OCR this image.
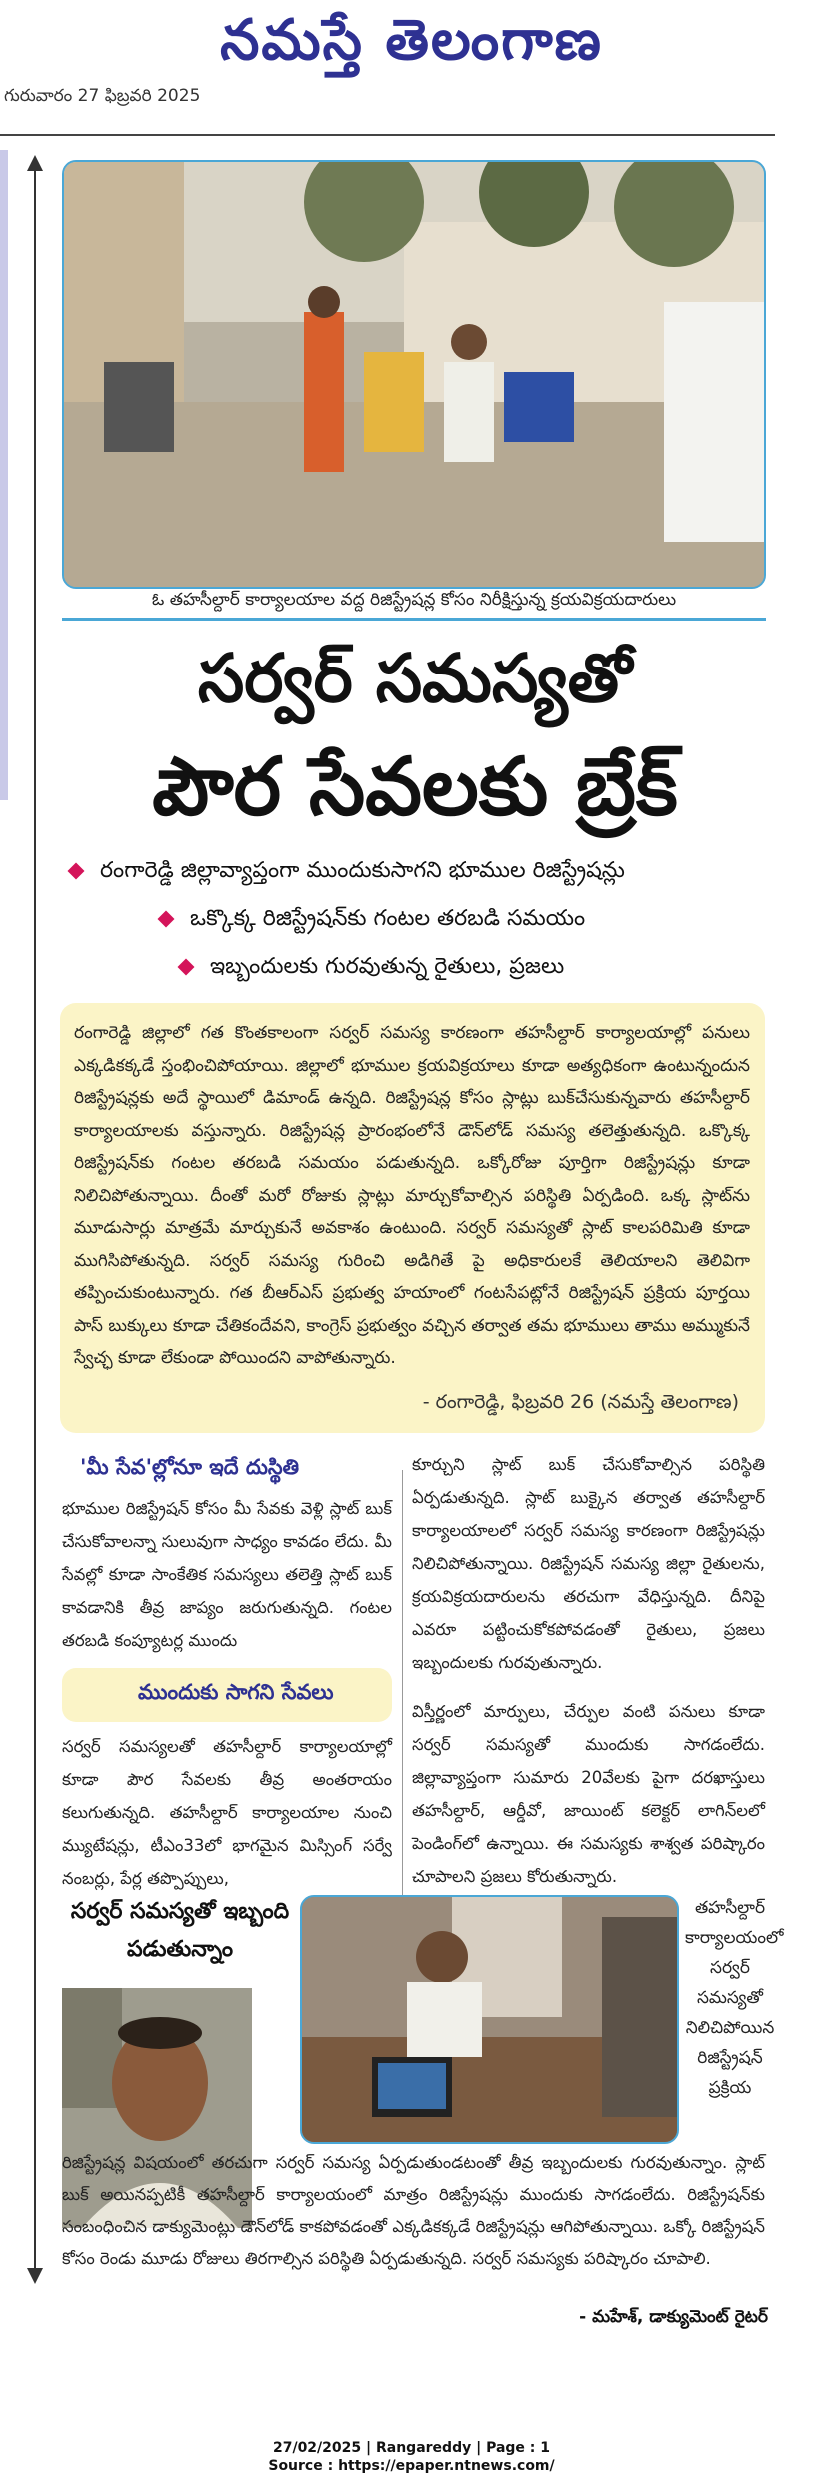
నమస్తే తెలంగాణ
గురువారం 27 ఫిబ్రవరి 2025
ఓ తహసీల్దార్ కార్యాలయాల వద్ద రిజిస్ట్రేషన్ల కోసం నిరీక్షిస్తున్న క్రయవిక్రయదారులు
సర్వర్ సమస్యతో
పౌర సేవలకు బ్రేక్
రంగారెడ్డి జిల్లావ్యాప్తంగా ముందుకుసాగని భూముల రిజిస్ట్రేషన్లు
ఒక్కొక్క రిజిస్ట్రేషన్‌కు గంటల తరబడి సమయం
ఇబ్బందులకు గురవుతున్న రైతులు, ప్రజలు

రంగారెడ్డి జిల్లాలో గత కొంతకాలంగా సర్వర్ సమస్య కారణంగా తహసీల్దార్ కార్యాలయాల్లో పనులు ఎక్కడికక్కడే స్తంభించిపోయాయి. జిల్లాలో భూముల క్రయవిక్రయాలు కూడా అత్యధికంగా ఉంటున్నందున రిజిస్ట్రేషన్లకు అదే స్థాయిలో డిమాండ్ ఉన్నది. రిజిస్ట్రేషన్ల కోసం స్లాట్లు బుక్‌చేసుకున్నవారు తహసీల్దార్ కార్యాలయాలకు వస్తున్నారు. రిజిస్ట్రేషన్ల ప్రారంభంలోనే డౌన్‌లోడ్ సమస్య తలెత్తుతున్నది. ఒక్కొక్క రిజిస్ట్రేషన్‌కు గంటల తరబడి సమయం పడుతున్నది. ఒక్కోరోజు పూర్తిగా రిజిస్ట్రేషన్లు కూడా నిలిచిపోతున్నాయి. దీంతో మరో రోజుకు స్లాట్లు మార్చుకోవాల్సిన పరిస్థితి ఏర్పడింది. ఒక్క స్లాట్‌ను మూడుసార్లు మాత్రమే మార్చుకునే అవకాశం ఉంటుంది. సర్వర్ సమస్యతో స్లాట్ కాలపరిమితి కూడా ముగిసిపోతున్నది. సర్వర్ సమస్య గురించి అడిగితే పై అధికారులకే తెలియాలని తెలివిగా తప్పించుకుంటున్నారు. గత బీఆర్‌ఎస్ ప్రభుత్వ హయాంలో గంటసేపట్లోనే రిజిస్ట్రేషన్ ప్రక్రియ పూర్తయి పాస్ బుక్కులు కూడా చేతికందేవని, కాంగ్రెస్ ప్రభుత్వం వచ్చిన తర్వాత తమ భూములు తాము అమ్ముకునే స్వేచ్ఛ కూడా లేకుండా పోయిందని వాపోతున్నారు.

- రంగారెడ్డి, ఫిబ్రవరి 26 (నమస్తే తెలంగాణ)
'మీ సేవ'ల్లోనూ ఇదే దుస్థితి

భూముల రిజిస్ట్రేషన్ కోసం మీ సేవకు వెళ్లి స్లాట్ బుక్ చేసుకోవాలన్నా సులువుగా సాధ్యం కావడం లేదు. మీ సేవల్లో కూడా సాంకేతిక సమస్యలు తలెత్తి స్లాట్ బుక్ కావడానికి తీవ్ర జాప్యం జరుగుతున్నది. గంటల తరబడి కంప్యూటర్ల ముందు

కూర్చుని స్లాట్ బుక్ చేసుకోవాల్సిన పరిస్థితి ఏర్పడుతున్నది. స్లాట్ బుక్కైన తర్వాత తహసీల్దార్ కార్యాలయాలలో సర్వర్ సమస్య కారణంగా రిజిస్ట్రేషన్లు నిలిచిపోతున్నాయి. రిజిస్ట్రేషన్ సమస్య జిల్లా రైతులను, క్రయవిక్రయదారులను తరచుగా వేధిస్తున్నది. దీనిపై ఎవరూ పట్టించుకోకపోవడంతో రైతులు, ప్రజలు ఇబ్బందులకు గురవుతున్నారు.

ముందుకు సాగని సేవలు

సర్వర్ సమస్యలతో తహసీల్దార్ కార్యాలయాల్లో కూడా పౌర సేవలకు తీవ్ర అంతరాయం కలుగుతున్నది. తహసీల్దార్ కార్యాలయాల నుంచి మ్యుటేషన్లు, టీఎం33లో భాగమైన మిస్సింగ్ సర్వే నంబర్లు, పేర్ల తప్పొప్పులు,

విస్తీర్ణంలో మార్పులు, చేర్పుల వంటి పనులు కూడా సర్వర్ సమస్యతో ముందుకు సాగడంలేదు. జిల్లావ్యాప్తంగా సుమారు 20వేలకు పైగా దరఖాస్తులు తహసీల్దార్, ఆర్డీవో, జాయింట్ కలెక్టర్ లాగిన్‌లలో పెండింగ్‌లో ఉన్నాయి. ఈ సమస్యకు శాశ్వత పరిష్కారం చూపాలని ప్రజలు కోరుతున్నారు.

సర్వర్ సమస్యతో ఇబ్బంది పడుతున్నాం
తహసీల్దార్ కార్యాలయంలో సర్వర్ సమస్యతో నిలిచిపోయిన రిజిస్ట్రేషన్ ప్రక్రియ
రిజిస్ట్రేషన్ల విషయంలో తరచుగా సర్వర్ సమస్య ఏర్పడుతుండటంతో తీవ్ర ఇబ్బందులకు గురవుతున్నాం. స్లాట్ బుక్ అయినప్పటికీ తహసీల్దార్ కార్యాలయంలో మాత్రం రిజిస్ట్రేషన్లు ముందుకు సాగడంలేదు. రిజిస్ట్రేషన్‌కు సంబంధించిన డాక్యుమెంట్లు డౌన్‌లోడ్ కాకపోవడంతో ఎక్కడికక్కడే రిజిస్ట్రేషన్లు ఆగిపోతున్నాయి. ఒక్కో రిజిస్ట్రేషన్ కోసం రెండు మూడు రోజులు తిరగాల్సిన పరిస్థితి ఏర్పడుతున్నది. సర్వర్ సమస్యకు పరిష్కారం చూపాలి.
- మహేశ్, డాక్యుమెంట్ రైటర్
27/02/2025 | Rangareddy | Page : 1
Source : https://epaper.ntnews.com/
